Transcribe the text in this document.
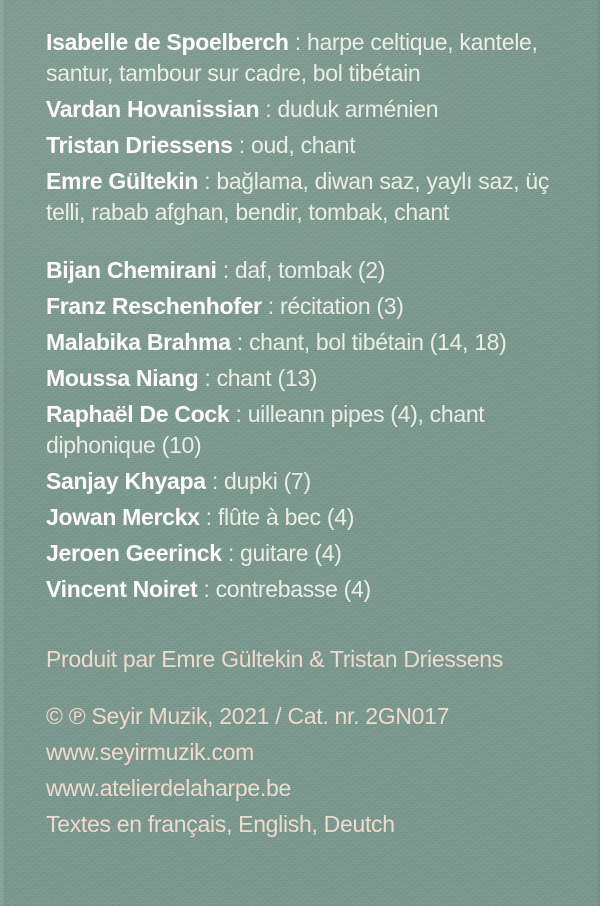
Isabelle de Spoelberch : harpe celtique, kantele, santur, tambour sur cadre, bol tibétain

Vardan Hovanissian : duduk arménien

Tristan Driessens : oud, chant

Emre Gültekin : bağlama, diwan saz, yaylı saz, üç telli, rabab afghan, bendir, tombak, chant

Bijan Chemirani : daf, tombak (2)

Franz Reschenhofer : récitation (3)

Malabika Brahma : chant, bol tibétain (14, 18)

Moussa Niang : chant (13)

Raphaël De Cock : uilleann pipes (4), chant diphonique (10)

Sanjay Khyapa : dupki (7)

Jowan Merckx : flûte à bec (4)

Jeroen Geerinck : guitare (4)

Vincent Noiret : contrebasse (4)

Produit par Emre Gültekin & Tristan Driessens

© ℗ Seyir Muzik, 2021 / Cat. nr. 2GN017

www.seyirmuzik.com

www.atelierdelaharpe.be

Textes en français, English, Deutch
